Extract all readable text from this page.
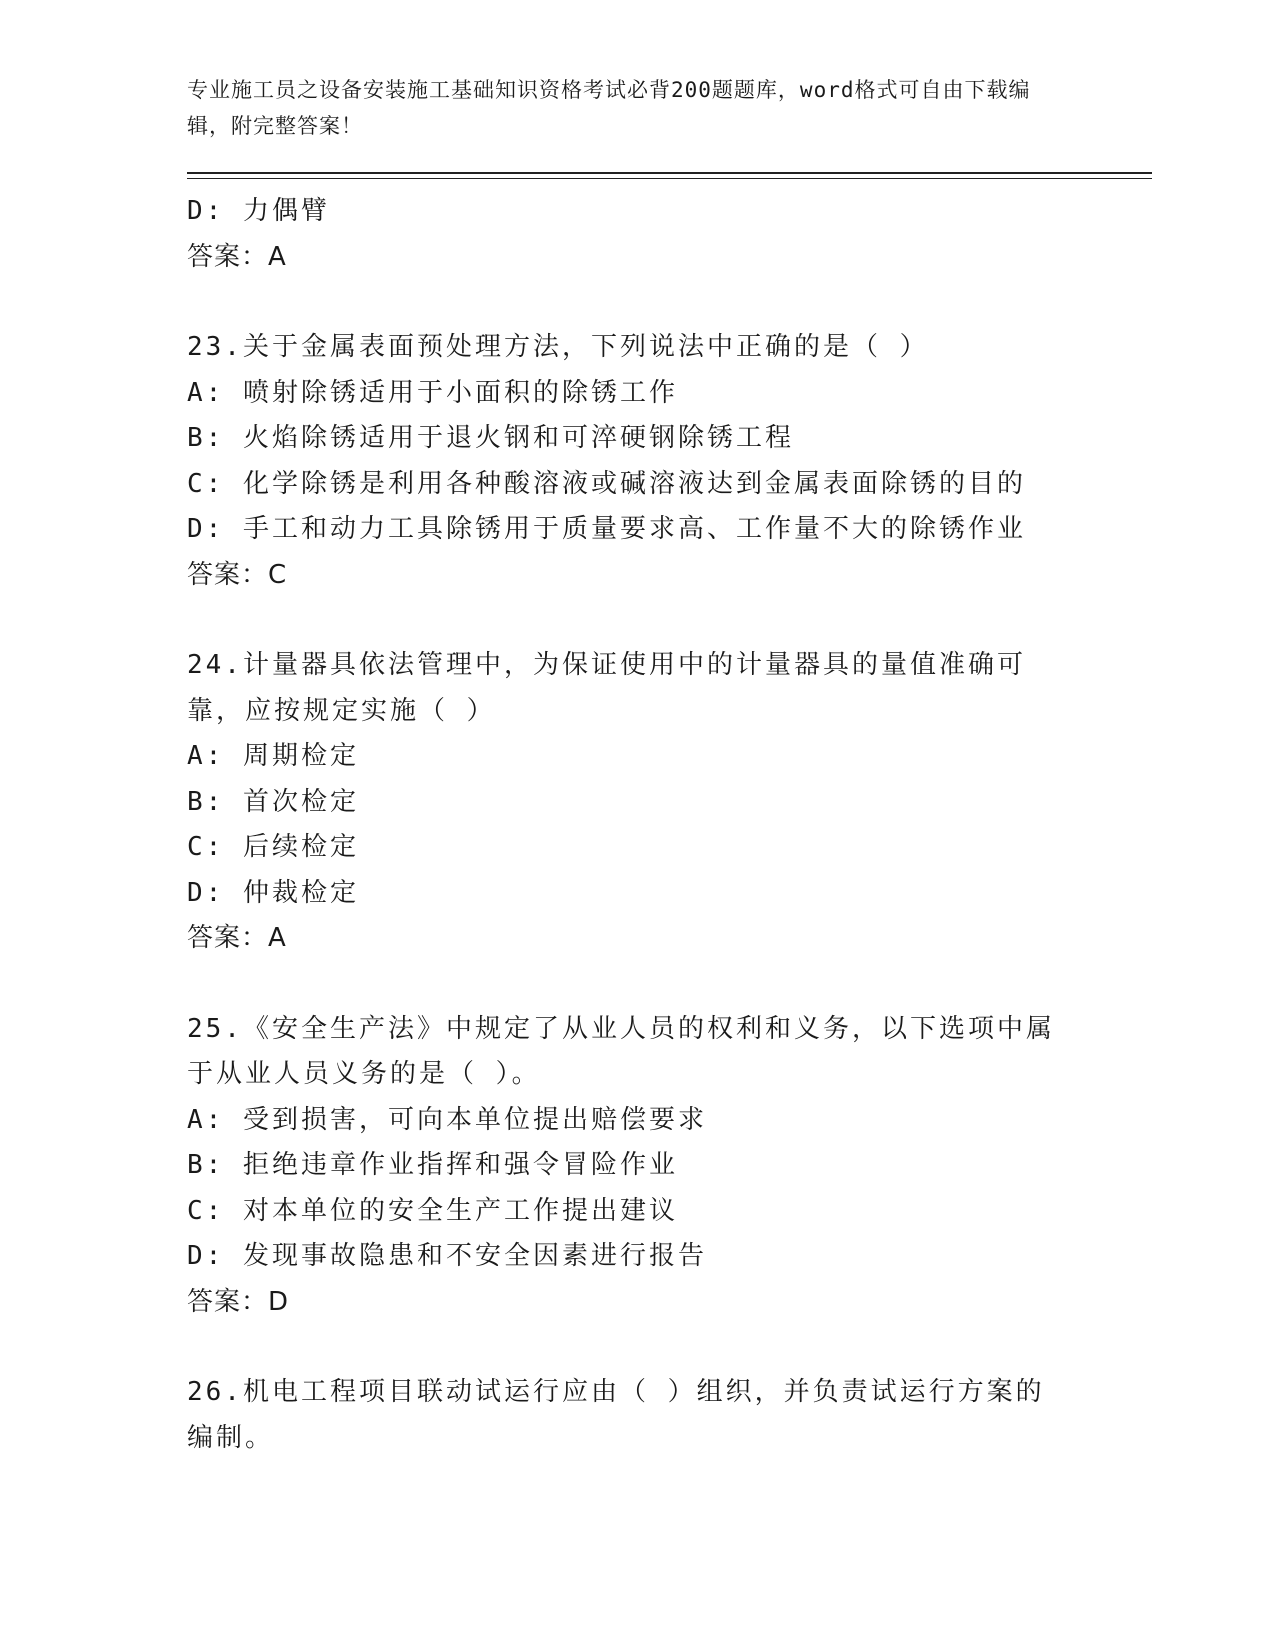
专业施工员之设备安装施工基础知识资格考试必背200题题库，word格式可自由下载编辑，附完整答案！
D: 力偶臂
答案：A
23.关于金属表面预处理方法，下列说法中正确的是（ ）
A: 喷射除锈适用于小面积的除锈工作
B: 火焰除锈适用于退火钢和可淬硬钢除锈工程
C: 化学除锈是利用各种酸溶液或碱溶液达到金属表面除锈的目的
D: 手工和动力工具除锈用于质量要求高、工作量不大的除锈作业
答案：C
24.计量器具依法管理中，为保证使用中的计量器具的量值准确可靠，应按规定实施（ ）
A: 周期检定
B: 首次检定
C: 后续检定
D: 仲裁检定
答案：A
25.《安全生产法》中规定了从业人员的权利和义务，以下选项中属于从业人员义务的是（ ）。
A: 受到损害，可向本单位提出赔偿要求
B: 拒绝违章作业指挥和强令冒险作业
C: 对本单位的安全生产工作提出建议
D: 发现事故隐患和不安全因素进行报告
答案：D
26.机电工程项目联动试运行应由（ ）组织，并负责试运行方案的编制。
